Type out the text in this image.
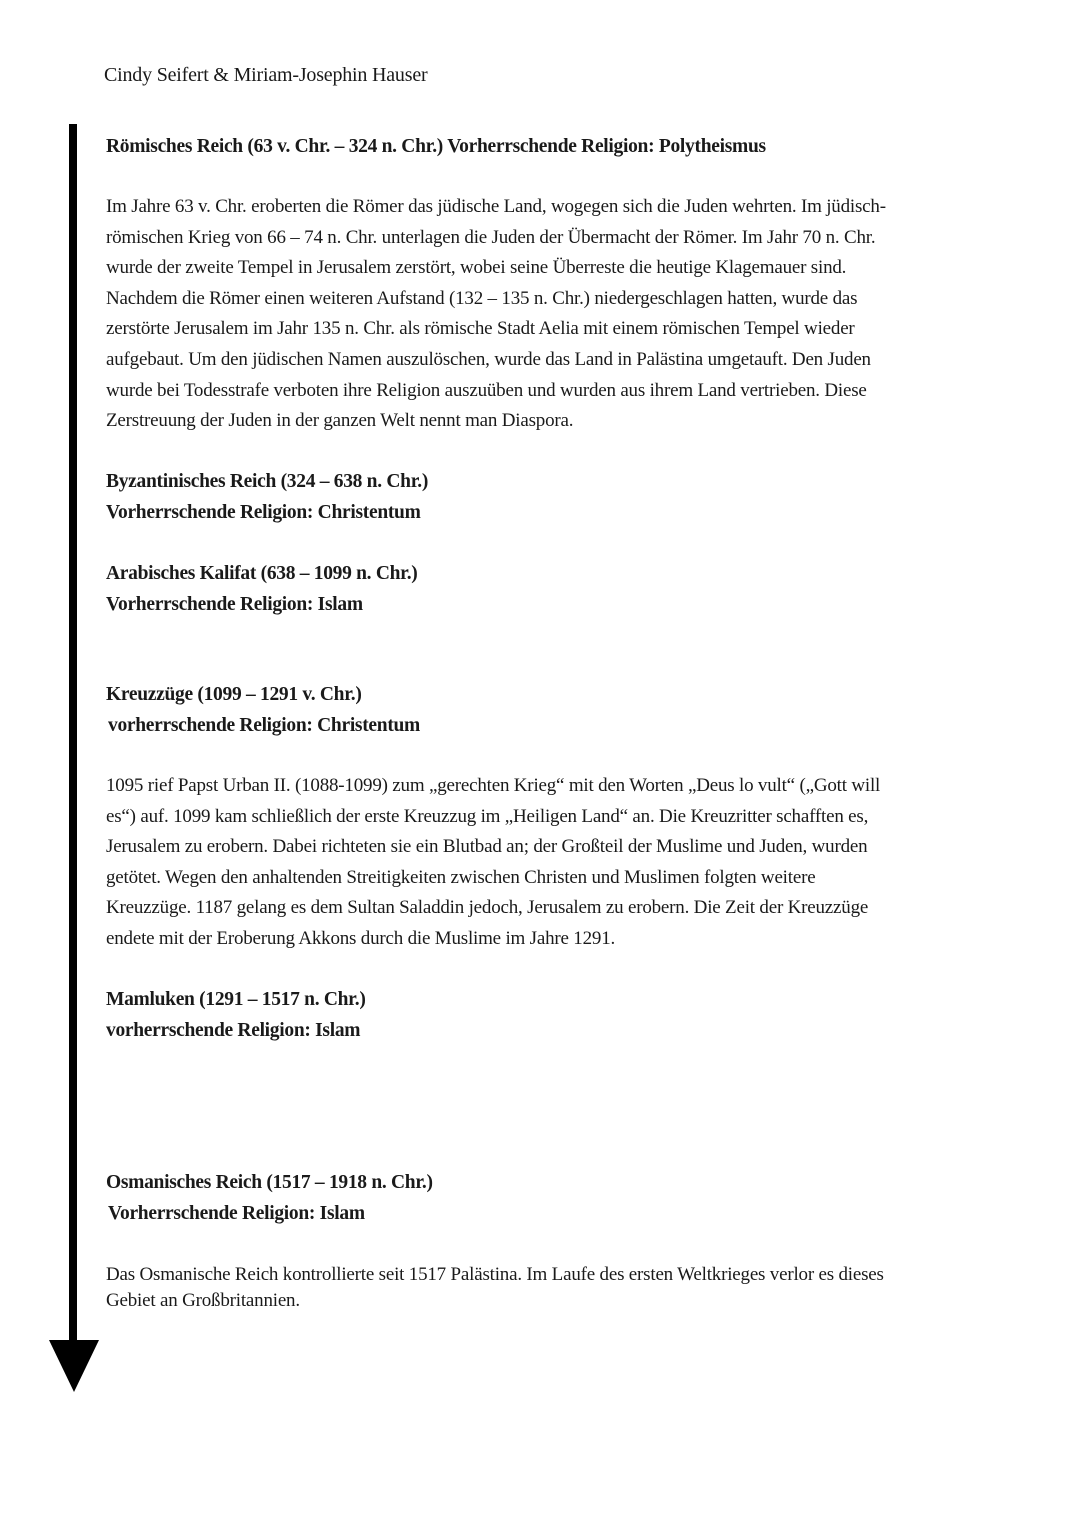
Cindy Seifert & Miriam-Josephin Hauser
Römisches Reich (63 v. Chr. – 324 n. Chr.) Vorherrschende Religion: Polytheismus
Im Jahre 63 v. Chr. eroberten die Römer das jüdische Land, wogegen sich die Juden wehrten. Im jüdisch-
römischen Krieg von 66 – 74 n. Chr. unterlagen die Juden der Übermacht der Römer. Im Jahr 70 n. Chr.
wurde der zweite Tempel in Jerusalem zerstört, wobei seine Überreste die heutige Klagemauer sind.
Nachdem die Römer einen weiteren Aufstand (132 – 135 n. Chr.) niedergeschlagen hatten, wurde das
zerstörte Jerusalem im Jahr 135 n. Chr. als römische Stadt Aelia mit einem römischen Tempel wieder
aufgebaut. Um den jüdischen Namen auszulöschen, wurde das Land in Palästina umgetauft. Den Juden
wurde bei Todesstrafe verboten ihre Religion auszuüben und wurden aus ihrem Land vertrieben. Diese
Zerstreuung der Juden in der ganzen Welt nennt man Diaspora.
Byzantinisches Reich (324 – 638 n. Chr.)
Vorherrschende Religion: Christentum
Arabisches Kalifat (638 – 1099 n. Chr.)
Vorherrschende Religion: Islam
Kreuzzüge (1099 – 1291 v. Chr.)
vorherrschende Religion: Christentum
1095 rief Papst Urban II. (1088-1099) zum „gerechten Krieg“ mit den Worten „Deus lo vult“ („Gott will
es“) auf. 1099 kam schließlich der erste Kreuzzug im „Heiligen Land“ an. Die Kreuzritter schafften es,
Jerusalem zu erobern. Dabei richteten sie ein Blutbad an; der Großteil der Muslime und Juden, wurden
getötet. Wegen den anhaltenden Streitigkeiten zwischen Christen und Muslimen folgten weitere
Kreuzzüge. 1187 gelang es dem Sultan Saladdin jedoch, Jerusalem zu erobern. Die Zeit der Kreuzzüge
endete mit der Eroberung Akkons durch die Muslime im Jahre 1291.
Mamluken (1291 – 1517 n. Chr.)
vorherrschende Religion: Islam
Osmanisches Reich (1517 – 1918 n. Chr.)
Vorherrschende Religion: Islam
Das Osmanische Reich kontrollierte seit 1517 Palästina. Im Laufe des ersten Weltkrieges verlor es dieses
Gebiet an Großbritannien.
